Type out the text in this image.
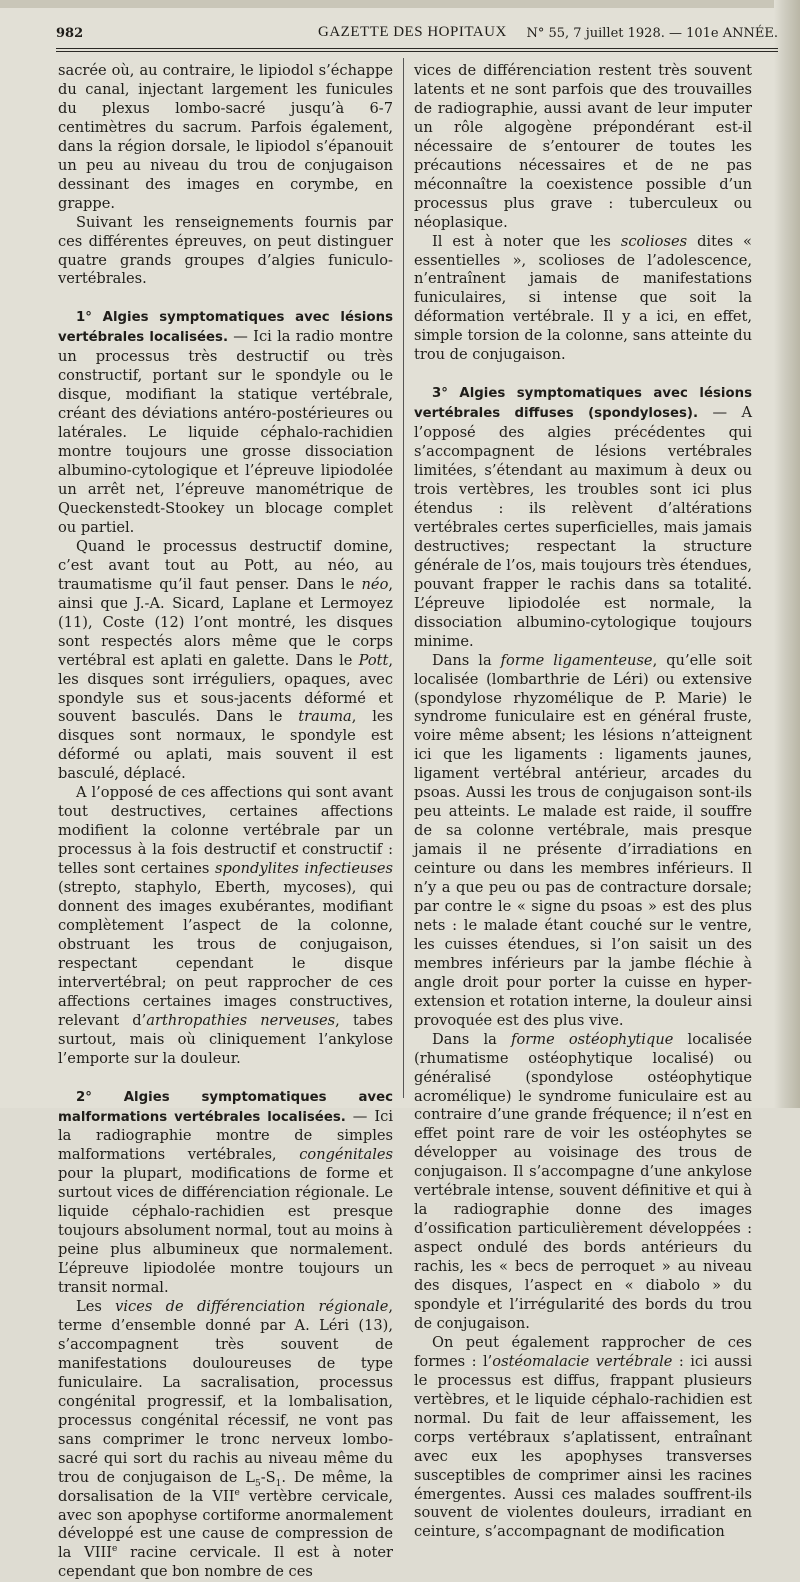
982	GAZETTE DES HOPITAUX N° 55, 7 juillet 1928. — 101e ANNÉE.

sacrée où, au contraire, le lipiodol s’échappe du canal, injectant largement les funicules du plexus lombo-sacré jusqu’à 6-7 centimètres du sacrum. Parfois également, dans la région dorsale, le lipiodol s’épanouit un peu au niveau du trou de conjugaison dessinant des images en corymbe, en grappe.

Suivant les renseignements fournis par ces différentes épreuves, on peut distinguer quatre grands groupes d’algies funiculo-vertébrales.

1° Algies symptomatiques avec lésions vertébrales localisées. — Ici la radio montre un processus très destructif ou très constructif, portant sur le spondyle ou le disque, modifiant la statique vertébrale, créant des déviations antéro-postérieures ou latérales. Le liquide céphalo-rachidien montre toujours une grosse dissociation albumino-cytologique et l’épreuve lipiodolée un arrêt net, l’épreuve manométrique de Queckenstedt-Stookey un blocage complet ou partiel.

Quand le processus destructif domine, c’est avant tout au Pott, au néo, au traumatisme qu’il faut penser. Dans le néo, ainsi que J.-A. Sicard, Laplane et Lermoyez (11), Coste (12) l’ont montré, les disques sont respectés alors même que le corps vertébral est aplati en galette. Dans le Pott, les disques sont irréguliers, opaques, avec spondyle sus et sous-jacents déformé et souvent basculés. Dans le trauma, les disques sont normaux, le spondyle est déformé ou aplati, mais souvent il est basculé, déplacé.

A l’opposé de ces affections qui sont avant tout destructives, certaines affections modifient la colonne vertébrale par un processus à la fois destructif et constructif : telles sont certaines spondylites infectieuses (strepto, staphylo, Eberth, mycoses), qui donnent des images exubérantes, modifiant complètement l’aspect de la colonne, obstruant les trous de conjugaison, respectant cependant le disque intervertébral; on peut rapprocher de ces affections certaines images constructives, relevant d’arthropathies nerveuses, tabes surtout, mais où cliniquement l’ankylose l’emporte sur la douleur.

2° Algies symptomatiques avec malformations vertébrales localisées. — Ici la radiographie montre de simples malformations vertébrales, congénitales pour la plupart, modifications de forme et surtout vices de différenciation régionale. Le liquide céphalo-rachidien est presque toujours absolument normal, tout au moins à peine plus albumineux que normalement. L’épreuve lipiodolée montre toujours un transit normal.

Les vices de différenciation régionale, terme d’ensemble donné par A. Léri (13), s’accompagnent très souvent de manifestations douloureuses de type funiculaire. La sacralisation, processus congénital progressif, et la lombalisation, processus congénital récessif, ne vont pas sans comprimer le tronc nerveux lombo-sacré qui sort du rachis au niveau même du trou de conjugaison de $L_5-S_1$. De même, la dorsalisation de la VIIe vertèbre cervicale, avec son apophyse cortiforme anormalement développé est une cause de compression de la VIIIe racine cervicale. Il est à noter cependant que bon nombre de ces

vices de différenciation restent très souvent latents et ne sont parfois que des trouvailles de radiographie, aussi avant de leur imputer un rôle algogène prépondérant est-il nécessaire de s’entourer de toutes les précautions nécessaires et de ne pas méconnaître la coexistence possible d’un processus plus grave : tuberculeux ou néoplasique.

Il est à noter que les scolioses dites « essentielles », scolioses de l’adolescence, n’entraînent jamais de manifestations funiculaires, si intense que soit la déformation vertébrale. Il y a ici, en effet, simple torsion de la colonne, sans atteinte du trou de conjugaison.

3° Algies symptomatiques avec lésions vertébrales diffuses (spondyloses). — A l’opposé des algies précédentes qui s’accompagnent de lésions vertébrales limitées, s’étendant au maximum à deux ou trois vertèbres, les troubles sont ici plus étendus : ils relèvent d’altérations vertébrales certes superficielles, mais jamais destructives; respectant la structure générale de l’os, mais toujours très étendues, pouvant frapper le rachis dans sa totalité. L’épreuve lipiodolée est normale, la dissociation albumino-cytologique toujours minime.

Dans la forme ligamenteuse, qu’elle soit localisée (lombarthrie de Léri) ou extensive (spondylose rhyzomélique de P. Marie) le syndrome funiculaire est en général fruste, voire même absent; les lésions n’atteignent ici que les ligaments : ligaments jaunes, ligament vertébral antérieur, arcades du psoas. Aussi les trous de conjugaison sont-ils peu atteints. Le malade est raide, il souffre de sa colonne vertébrale, mais presque jamais il ne présente d’irradiations en ceinture ou dans les membres inférieurs. Il n’y a que peu ou pas de contracture dorsale; par contre le « signe du psoas » est des plus nets : le malade étant couché sur le ventre, les cuisses étendues, si l’on saisit un des membres inférieurs par la jambe fléchie à angle droit pour porter la cuisse en hyper-extension et rotation interne, la douleur ainsi provoquée est des plus vive.

Dans la forme ostéophytique localisée (rhumatisme ostéophytique localisé) ou généralisé (spondylose ostéophytique acromélique) le syndrome funiculaire est au contraire d’une grande fréquence; il n’est en effet point rare de voir les ostéophytes se développer au voisinage des trous de conjugaison. Il s’accompagne d’une ankylose vertébrale intense, souvent définitive et qui à la radiographie donne des images d’ossification particulièrement développées : aspect ondulé des bords antérieurs du rachis, les « becs de perroquet » au niveau des disques, l’aspect en « diabolo » du spondyle et l’irrégularité des bords du trou de conjugaison.

On peut également rapprocher de ces formes : l’ostéomalacie vertébrale : ici aussi le processus est diffus, frappant plusieurs vertèbres, et le liquide céphalo-rachidien est normal. Du fait de leur affaissement, les corps vertébraux s’aplatissent, entraînant avec eux les apophyses transverses susceptibles de comprimer ainsi les racines émergentes. Aussi ces malades souffrent-ils souvent de violentes douleurs, irradiant en ceinture, s’accompagnant de modification
